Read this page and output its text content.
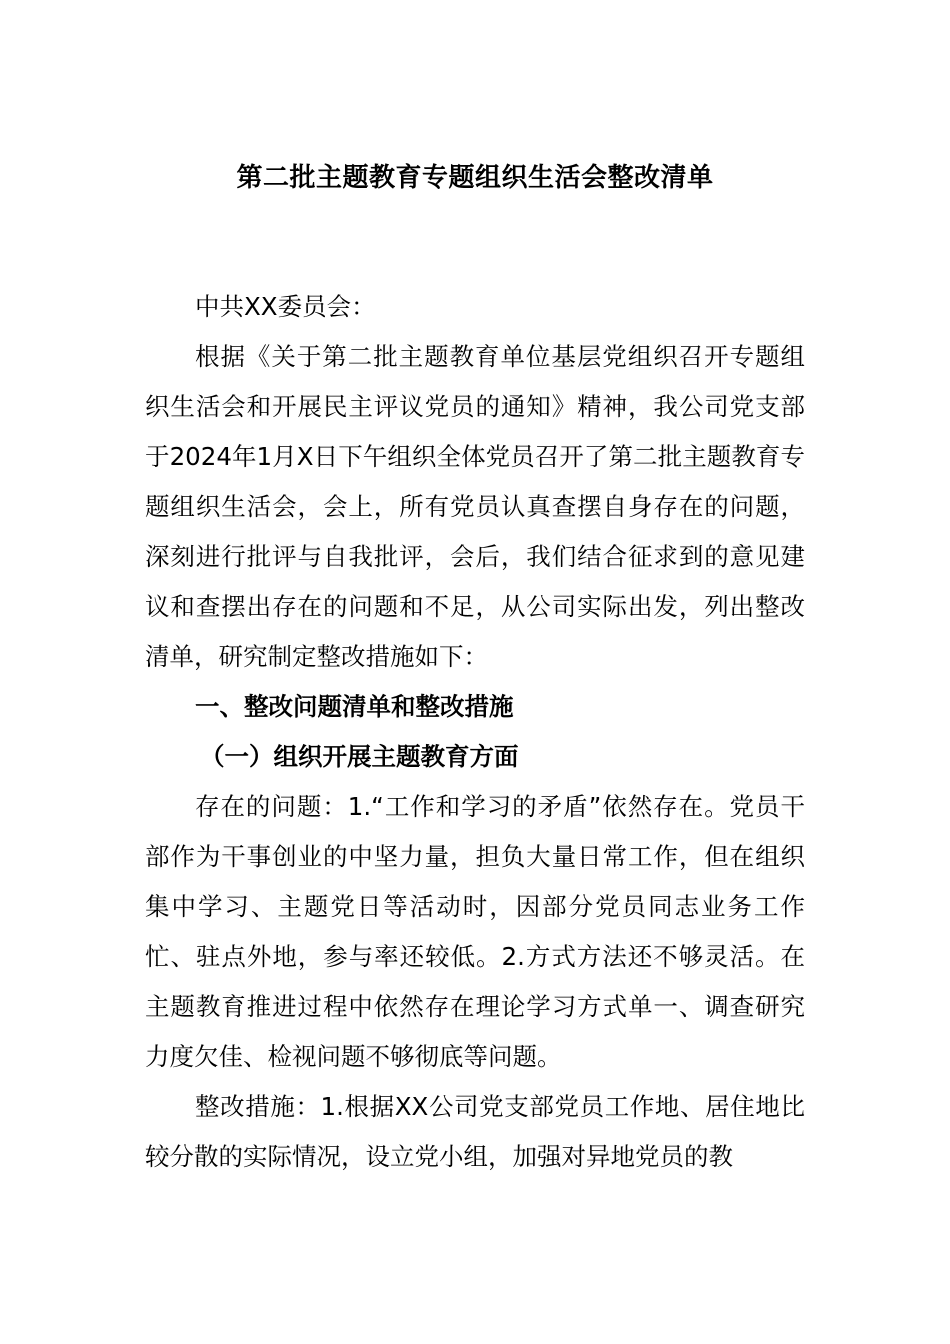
第二批主题教育专题组织生活会整改清单

中共XX委员会：

根据《关于第二批主题教育单位基层党组织召开专题组织生活会和开展民主评议党员的通知》精神，我公司党支部于2024年1月X日下午组织全体党员召开了第二批主题教育专题组织生活会，会上，所有党员认真查摆自身存在的问题，深刻进行批评与自我批评，会后，我们结合征求到的意见建议和查摆出存在的问题和不足，从公司实际出发，列出整改清单，研究制定整改措施如下：

一、整改问题清单和整改措施

（一）组织开展主题教育方面

存在的问题：1.“工作和学习的矛盾”依然存在。党员干部作为干事创业的中坚力量，担负大量日常工作，但在组织集中学习、主题党日等活动时，因部分党员同志业务工作忙、驻点外地，参与率还较低。2.方式方法还不够灵活。在主题教育推进过程中依然存在理论学习方式单一、调查研究力度欠佳、检视问题不够彻底等问题。

整改措施：1.根据XX公司党支部党员工作地、居住地比较分散的实际情况，设立党小组，加强对异地党员的教
